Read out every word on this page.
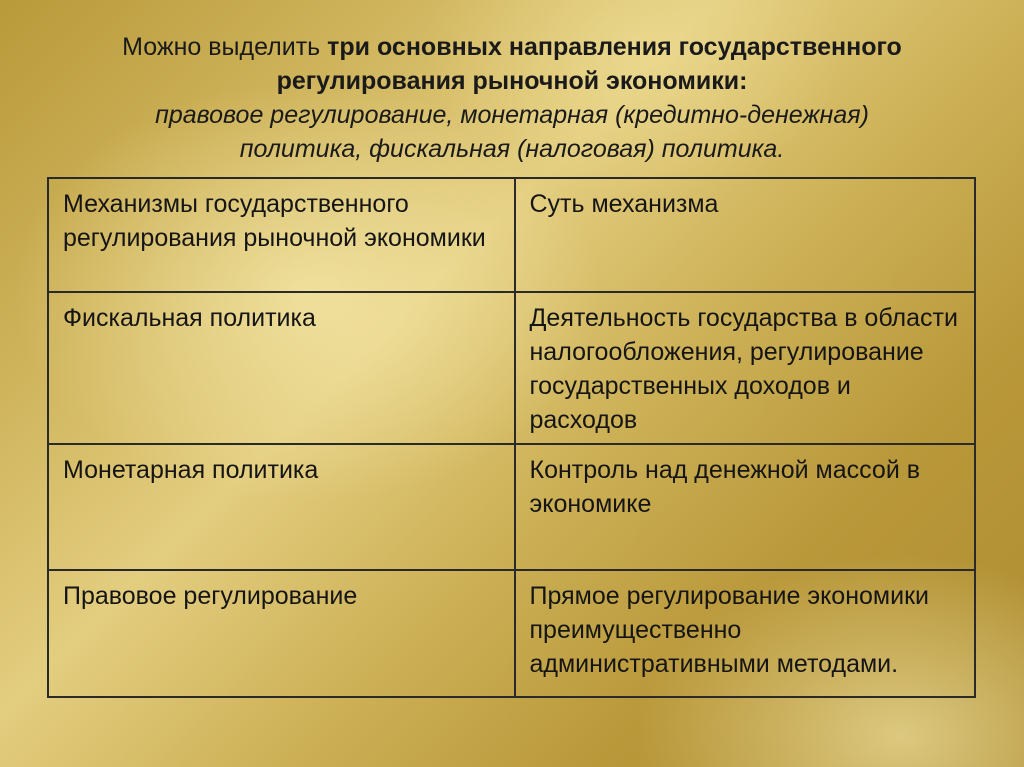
Можно выделить три основных направления государственного
регулирования рыночной экономики:
правовое регулирование, монетарная (кредитно-денежная)
политика, фискальная (налоговая) политика.
Механизмы государственного регулирования рыночной экономики	Суть механизма
Фискальная политика	Деятельность государства в области налогообложения, регулирование государственных доходов и расходов
Монетарная политика	Контроль над денежной массой в экономике
Правовое регулирование	Прямое регулирование экономики преимущественно административными методами.
